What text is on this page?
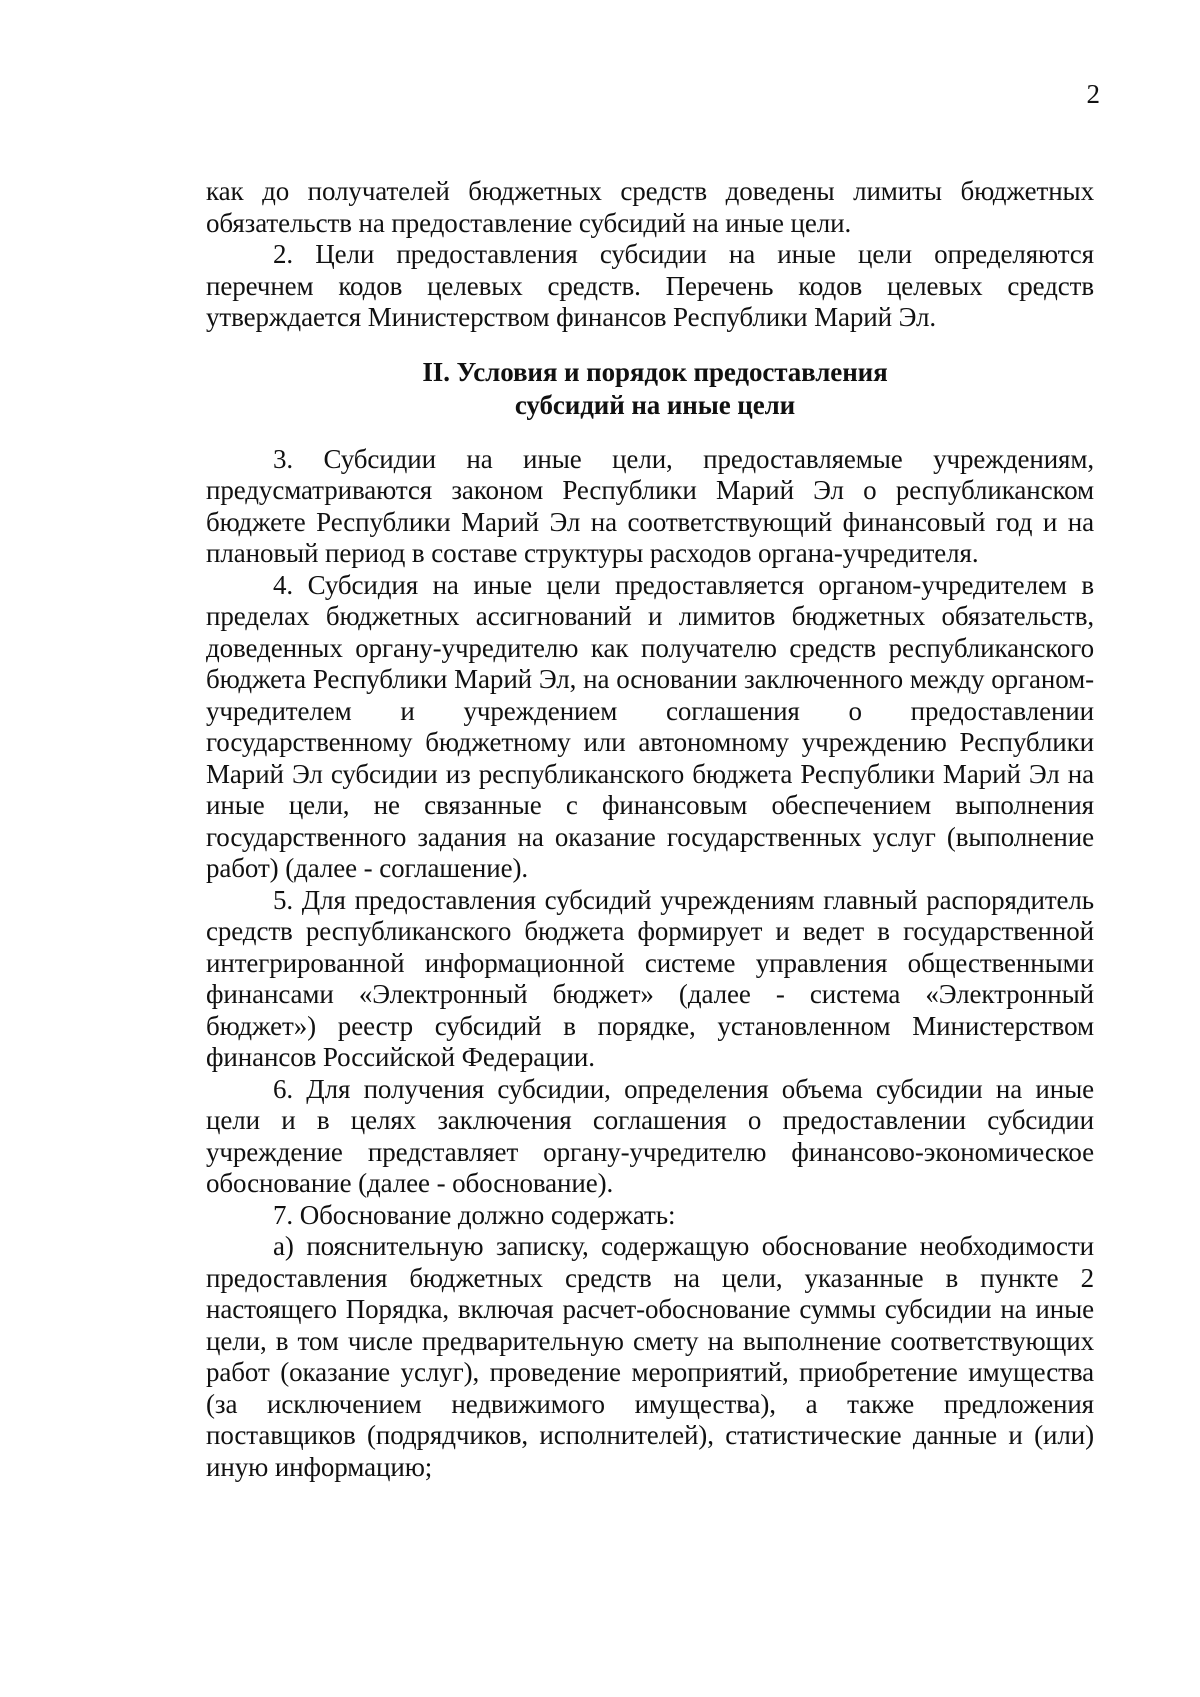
2

как до получателей бюджетных средств доведены лимиты бюджетных обязательств на предоставление субсидий на иные цели.

2. Цели предоставления субсидии на иные цели определяются перечнем кодов целевых средств. Перечень кодов целевых средств утверждается Министерством финансов Республики Марий Эл.

II. Условия и порядок предоставления
субсидий на иные цели

3. Субсидии на иные цели, предоставляемые учреждениям, предусматриваются законом Республики Марий Эл о республиканском бюджете Республики Марий Эл на соответствующий финансовый год и на плановый период в составе структуры расходов органа-учредителя.

4. Субсидия на иные цели предоставляется органом-учредителем в пределах бюджетных ассигнований и лимитов бюджетных обязательств, доведенных органу-учредителю как получателю средств республиканского бюджета Республики Марий Эл, на основании заключенного между органом-учредителем и учреждением соглашения о предоставлении государственному бюджетному или автономному учреждению Республики Марий Эл субсидии из республиканского бюджета Республики Марий Эл на иные цели, не связанные с финансовым обеспечением выполнения государственного задания на оказание государственных услуг (выполнение работ) (далее - соглашение).

5. Для предоставления субсидий учреждениям главный распорядитель средств республиканского бюджета формирует и ведет в государственной интегрированной информационной системе управления общественными финансами «Электронный бюджет» (далее - система «Электронный бюджет») реестр субсидий в порядке, установленном Министерством финансов Российской Федерации.

6. Для получения субсидии, определения объема субсидии на иные цели и в целях заключения соглашения о предоставлении субсидии учреждение представляет органу-учредителю финансово-экономическое обоснование (далее - обоснование).

7. Обоснование должно содержать:

а) пояснительную записку, содержащую обоснование необходимости предоставления бюджетных средств на цели, указанные в пункте 2 настоящего Порядка, включая расчет-обоснование суммы субсидии на иные цели, в том числе предварительную смету на выполнение соответствующих работ (оказание услуг), проведение мероприятий, приобретение имущества (за исключением недвижимого имущества), а также предложения поставщиков (подрядчиков, исполнителей), статистические данные и (или) иную информацию;
